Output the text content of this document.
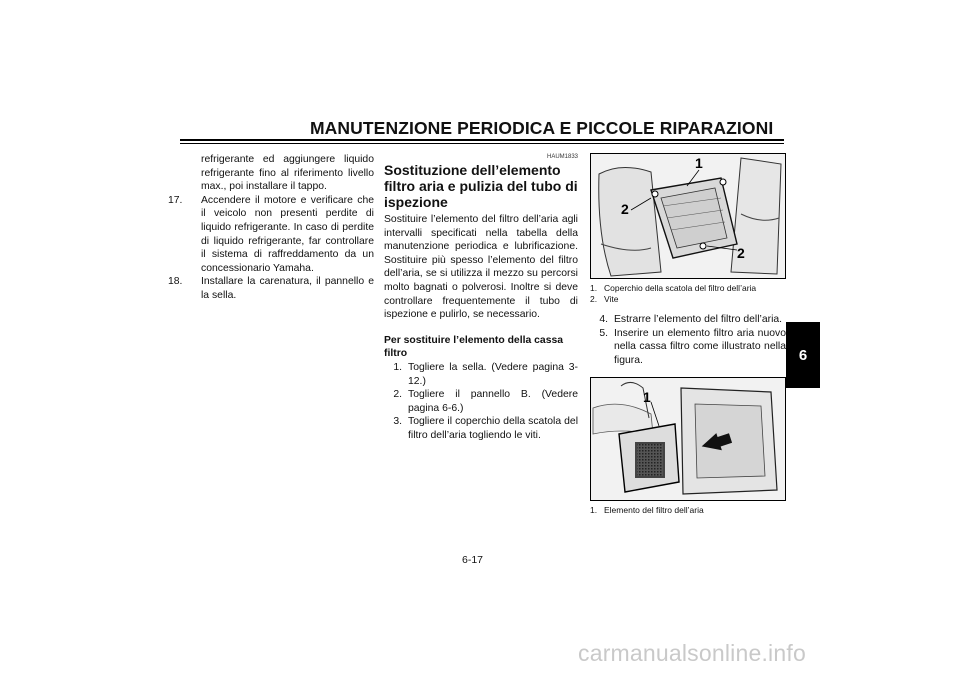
MANUTENZIONE PERIODICA E PICCOLE RIPARAZIONI
refrigerante ed aggiungere liquido refrigerante fino al riferimento livello max., poi installare il tappo.
17.	Accendere il motore e verificare che il veicolo non presenti perdite di liquido refrigerante. In caso di perdite di liquido refrigerante, far controllare il sistema di raffreddamento da un concessionario Yamaha.
18.	Installare la carenatura, il pannello e la sella.
HAUM1833
Sostituzione dell’elemento filtro aria e pulizia del tubo di ispezione
Sostituire l’elemento del filtro dell’aria agli intervalli specificati nella tabella della manutenzione periodica e lubrificazione. Sostituire più spesso l’elemento del filtro dell’aria, se si utilizza il mezzo su percorsi molto bagnati o polverosi. Inoltre si deve controllare frequentemente il tubo di ispezione e pulirlo, se necessario.
Per sostituire l’elemento della cassa filtro
1. Togliere la sella. (Vedere pagina 3-12.)
2. Togliere il pannello B. (Vedere pagina 6-6.)
3. Togliere il coperchio della scatola del filtro dell’aria togliendo le viti.
1
2
2
1. Coperchio della scatola del filtro dell’aria
2. Vite
4. Estrarre l’elemento del filtro dell’aria.
5. Inserire un elemento filtro aria nuovo nella cassa filtro come illustrato nella figura.
1
1. Elemento del filtro dell’aria
6
6-17
carmanualsonline.info
